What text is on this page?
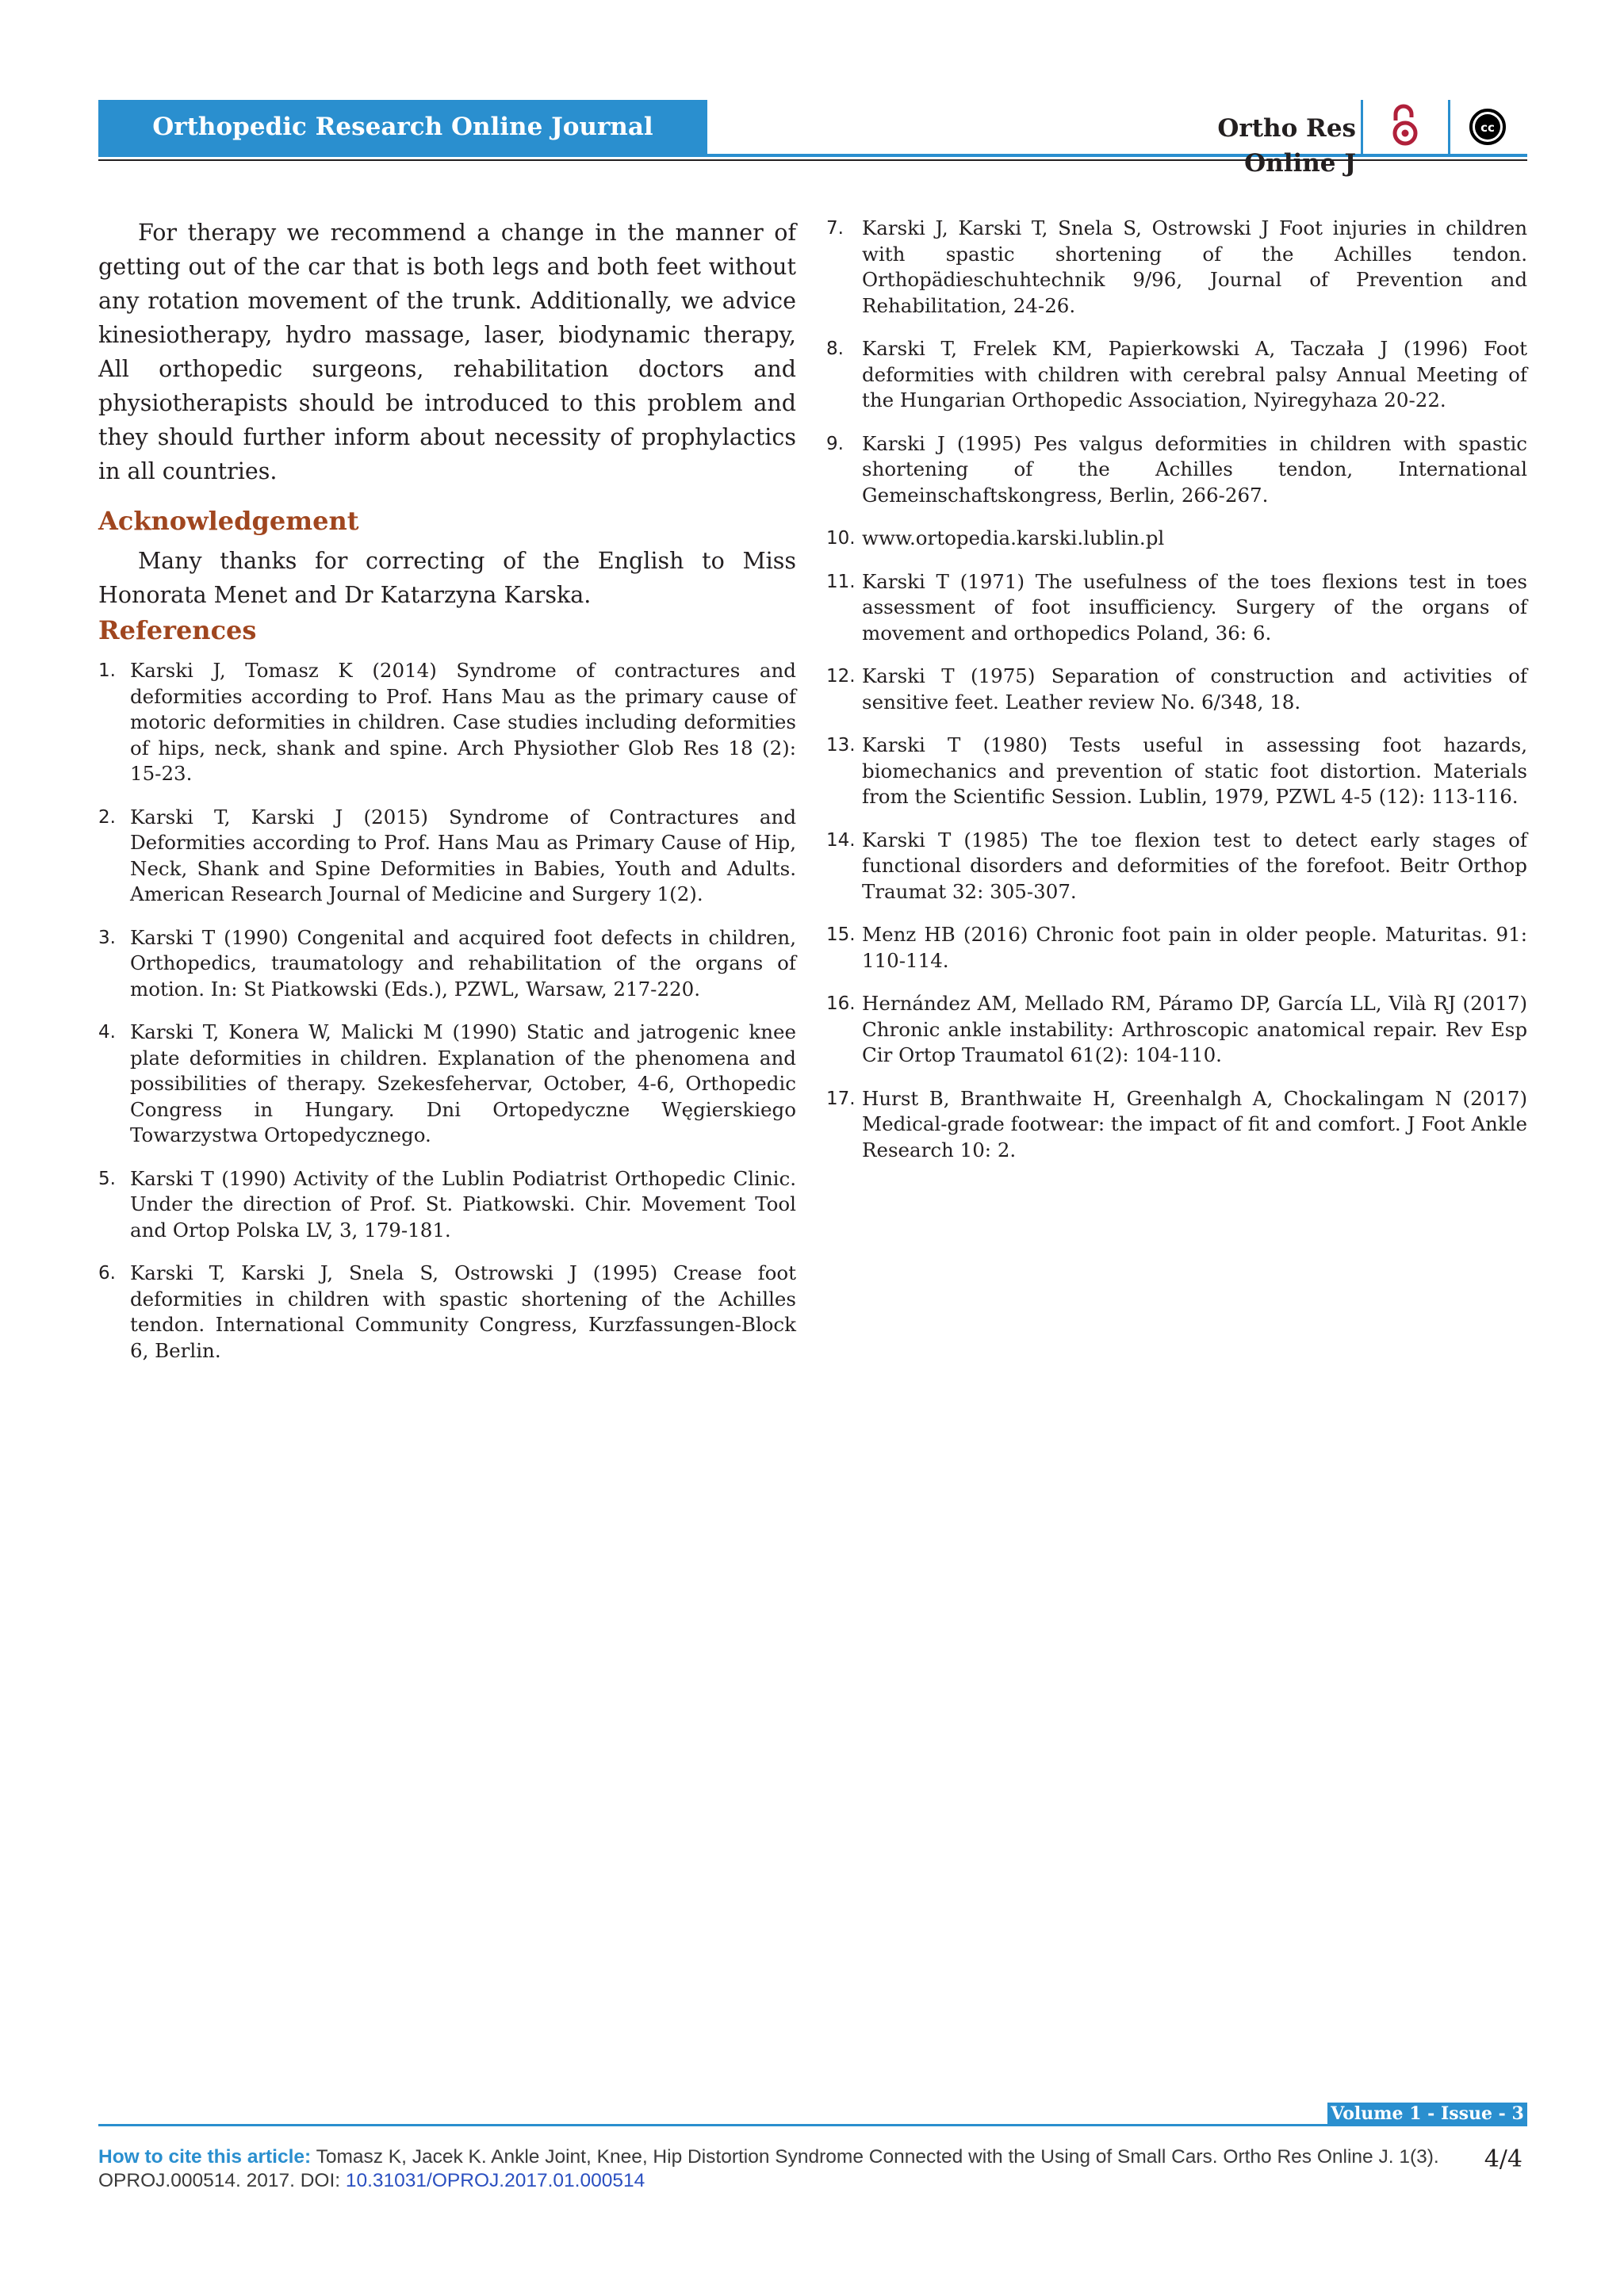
Orthopedic Research Online Journal	Ortho Res Online J
cc

For therapy we recommend a change in the manner of getting out of the car that is both legs and both feet without any rotation movement of the trunk. Additionally, we advice kinesiotherapy, hydro massage, laser, biodynamic therapy, All orthopedic surgeons, rehabilitation doctors and physiotherapists should be introduced to this problem and they should further inform about necessity of prophylactics in all countries.

Acknowledgement

Many thanks for correcting of the English to Miss Honorata Menet and Dr Katarzyna Karska.

References
1. Karski J, Tomasz K (2014) Syndrome of contractures and deformities according to Prof. Hans Mau as the primary cause of motoric deformities in children. Case studies including deformities of hips, neck, shank and spine. Arch Physiother Glob Res 18 (2): 15-23.
2. Karski T, Karski J (2015) Syndrome of Contractures and Deformities according to Prof. Hans Mau as Primary Cause of Hip, Neck, Shank and Spine Deformities in Babies, Youth and Adults. American Research Journal of Medicine and Surgery 1(2).
3. Karski T (1990) Congenital and acquired foot defects in children, Orthopedics, traumatology and rehabilitation of the organs of motion. In: St Piatkowski (Eds.), PZWL, Warsaw, 217-220.
4. Karski T, Konera W, Malicki M (1990) Static and jatrogenic knee plate deformities in children. Explanation of the phenomena and possibilities of therapy. Szekesfehervar, October, 4-6, Orthopedic Congress in Hungary. Dni Ortopedyczne Węgierskiego Towarzystwa Ortopedycznego.
5. Karski T (1990) Activity of the Lublin Podiatrist Orthopedic Clinic. Under the direction of Prof. St. Piatkowski. Chir. Movement Tool and Ortop Polska LV, 3, 179-181.
6. Karski T, Karski J, Snela S, Ostrowski J (1995) Crease foot deformities in children with spastic shortening of the Achilles tendon. International Community Congress, Kurzfassungen-Block 6, Berlin.
7. Karski J, Karski T, Snela S, Ostrowski J Foot injuries in children with spastic shortening of the Achilles tendon. Orthopädieschuhtechnik 9/96, Journal of Prevention and Rehabilitation, 24-26.
8. Karski T, Frelek KM, Papierkowski A, Taczała J (1996) Foot deformities with children with cerebral palsy Annual Meeting of the Hungarian Orthopedic Association, Nyiregyhaza 20-22.
9. Karski J (1995) Pes valgus deformities in children with spastic shortening of the Achilles tendon, International Gemeinschaftskongress, Berlin, 266-267.
10. www.ortopedia.karski.lublin.pl
11. Karski T (1971) The usefulness of the toes flexions test in toes assessment of foot insufficiency. Surgery of the organs of movement and orthopedics Poland, 36: 6.
12. Karski T (1975) Separation of construction and activities of sensitive feet. Leather review No. 6/348, 18.
13. Karski T (1980) Tests useful in assessing foot hazards, biomechanics and prevention of static foot distortion. Materials from the Scientific Session. Lublin, 1979, PZWL 4-5 (12): 113-116.
14. Karski T (1985) The toe flexion test to detect early stages of functional disorders and deformities of the forefoot. Beitr Orthop Traumat 32: 305-307.
15. Menz HB (2016) Chronic foot pain in older people. Maturitas. 91: 110-114.
16. Hernández AM, Mellado RM, Páramo DP, García LL, Vilà RJ (2017) Chronic ankle instability: Arthroscopic anatomical repair. Rev Esp Cir Ortop Traumatol 61(2): 104-110.
17. Hurst B, Branthwaite H, Greenhalgh A, Chockalingam N (2017) Medical-grade footwear: the impact of fit and comfort. J Foot Ankle Research 10: 2.
Volume 1 - Issue - 3
How to cite this article: Tomasz K, Jacek K. Ankle Joint, Knee, Hip Distortion Syndrome Connected with the Using of Small Cars. Ortho Res Online J. 1(3). OPROJ.000514. 2017. DOI: 10.31031/OPROJ.2017.01.000514
4/4
